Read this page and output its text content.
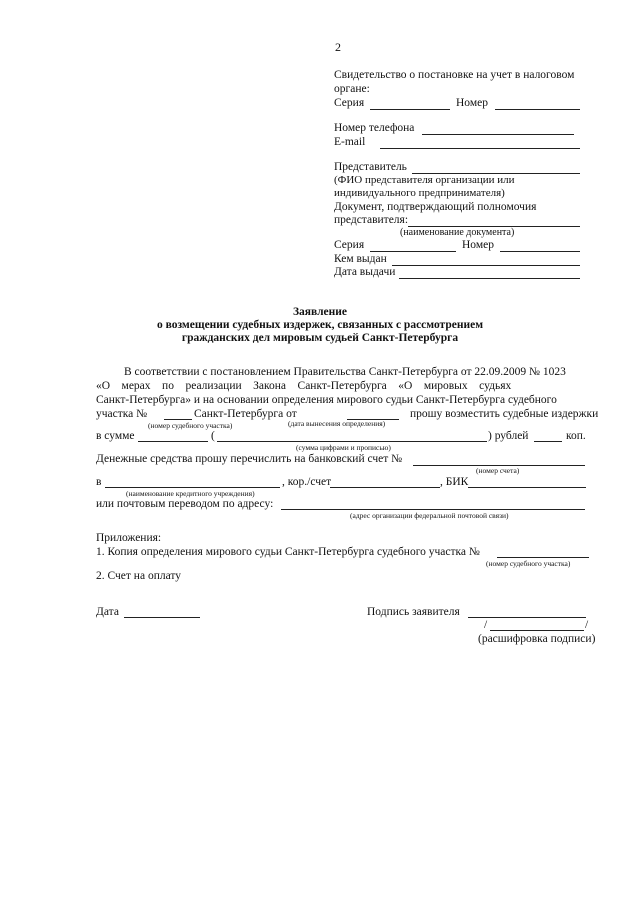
2
Свидетельство о постановке на учет в налоговом
органе:
Серия	Номер
Номер телефона
E-mail
Представитель
(ФИО представителя организации или
индивидуального предпринимателя)
Документ, подтверждающий полномочия
представителя:
(наименование документа)
Серия	Номер
Кем выдан
Дата выдачи
Заявление
о возмещении судебных издержек, связанных с рассмотрением
гражданских дел мировым судьей Санкт-Петербурга
В соответствии с постановлением Правительства Санкт-Петербурга от 22.09.2009 № 1023
«О    мерах    по    реализации    Закона    Санкт-Петербурга    «О    мировых    судьях
Санкт-Петербурга» и на основании определения мирового судьи Санкт-Петербурга судебного
участка №	Санкт-Петербурга от	прошу возместить судебные издержки
(номер судебного участка)	(дата вынесения определения)
в сумме	(	) рублей	коп.
(сумма цифрами и прописью)
Денежные средства прошу перечислить на банковский счет №
(номер счета)
в	, кор./счет	, БИК
(наименование кредитного учреждения)
или почтовым переводом по адресу:
(адрес организации федеральной почтовой связи)
Приложения:
1. Копия определения мирового судьи Санкт-Петербурга судебного участка №
(номер судебного участка)
2. Счет на оплату
Дата	Подпись заявителя
/	/
(расшифровка подписи)
